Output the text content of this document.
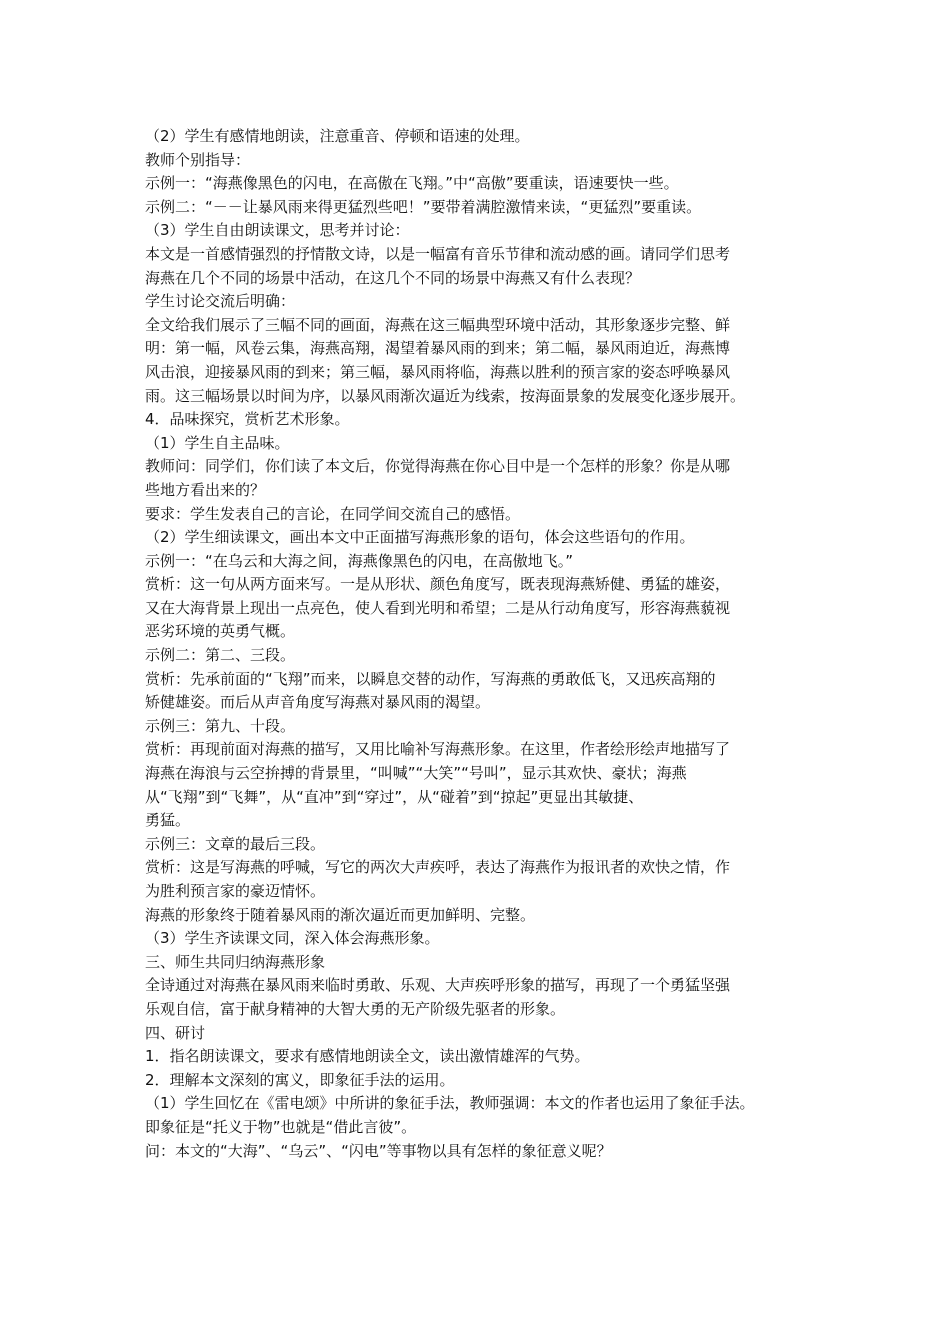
（2）学生有感情地朗读，注意重音、停顿和语速的处理。
教师个别指导：
示例一：“海燕像黑色的闪电，在高傲在飞翔。”中“高傲”要重读，语速要快一些。
示例二：“－－让暴风雨来得更猛烈些吧！”要带着满腔激情来读，“更猛烈”要重读。
（3）学生自由朗读课文，思考并讨论：
本文是一首感情强烈的抒情散文诗，以是一幅富有音乐节律和流动感的画。请同学们思考
海燕在几个不同的场景中活动，在这几个不同的场景中海燕又有什么表现？
学生讨论交流后明确：
全文给我们展示了三幅不同的画面，海燕在这三幅典型环境中活动，其形象逐步完整、鲜
明：第一幅，风卷云集，海燕高翔，渴望着暴风雨的到来；第二幅，暴风雨迫近，海燕博
风击浪，迎接暴风雨的到来；第三幅，暴风雨将临，海燕以胜利的预言家的姿态呼唤暴风
雨。这三幅场景以时间为序，以暴风雨渐次逼近为线索，按海面景象的发展变化逐步展开。
4．品味探究，赏析艺术形象。
（1）学生自主品味。
教师问：同学们，你们读了本文后，你觉得海燕在你心目中是一个怎样的形象？你是从哪
些地方看出来的？
要求：学生发表自己的言论，在同学间交流自己的感悟。
（2）学生细读课文，画出本文中正面描写海燕形象的语句，体会这些语句的作用。
示例一：“在乌云和大海之间，海燕像黑色的闪电，在高傲地飞。”
赏析：这一句从两方面来写。一是从形状、颜色角度写，既表现海燕矫健、勇猛的雄姿，
又在大海背景上现出一点亮色，使人看到光明和希望；二是从行动角度写，形容海燕藐视
恶劣环境的英勇气概。
示例二：第二、三段。
赏析：先承前面的“飞翔”而来，以瞬息交替的动作，写海燕的勇敢低飞，又迅疾高翔的
矫健雄姿。而后从声音角度写海燕对暴风雨的渴望。
示例三：第九、十段。
赏析：再现前面对海燕的描写，又用比喻补写海燕形象。在这里，作者绘形绘声地描写了
海燕在海浪与云空拚搏的背景里，“叫喊”“大笑”“号叫”，显示其欢快、豪状；海燕
从“飞翔”到“飞舞”，从“直冲”到“穿过”，从“碰着”到“掠起”更显出其敏捷、
勇猛。
示例三：文章的最后三段。
赏析：这是写海燕的呼喊，写它的两次大声疾呼，表达了海燕作为报讯者的欢快之情，作
为胜利预言家的豪迈情怀。
海燕的形象终于随着暴风雨的渐次逼近而更加鲜明、完整。
（3）学生齐读课文同，深入体会海燕形象。
三、师生共同归纳海燕形象
全诗通过对海燕在暴风雨来临时勇敢、乐观、大声疾呼形象的描写，再现了一个勇猛坚强
乐观自信，富于献身精神的大智大勇的无产阶级先驱者的形象。
四、研讨
1．指名朗读课文，要求有感情地朗读全文，读出激情雄浑的气势。
2．理解本文深刻的寓义，即象征手法的运用。
（1）学生回忆在《雷电颂》中所讲的象征手法，教师强调：本文的作者也运用了象征手法。
即象征是“托义于物”也就是“借此言彼”。
问：本文的“大海”、“乌云”、“闪电”等事物以具有怎样的象征意义呢？
